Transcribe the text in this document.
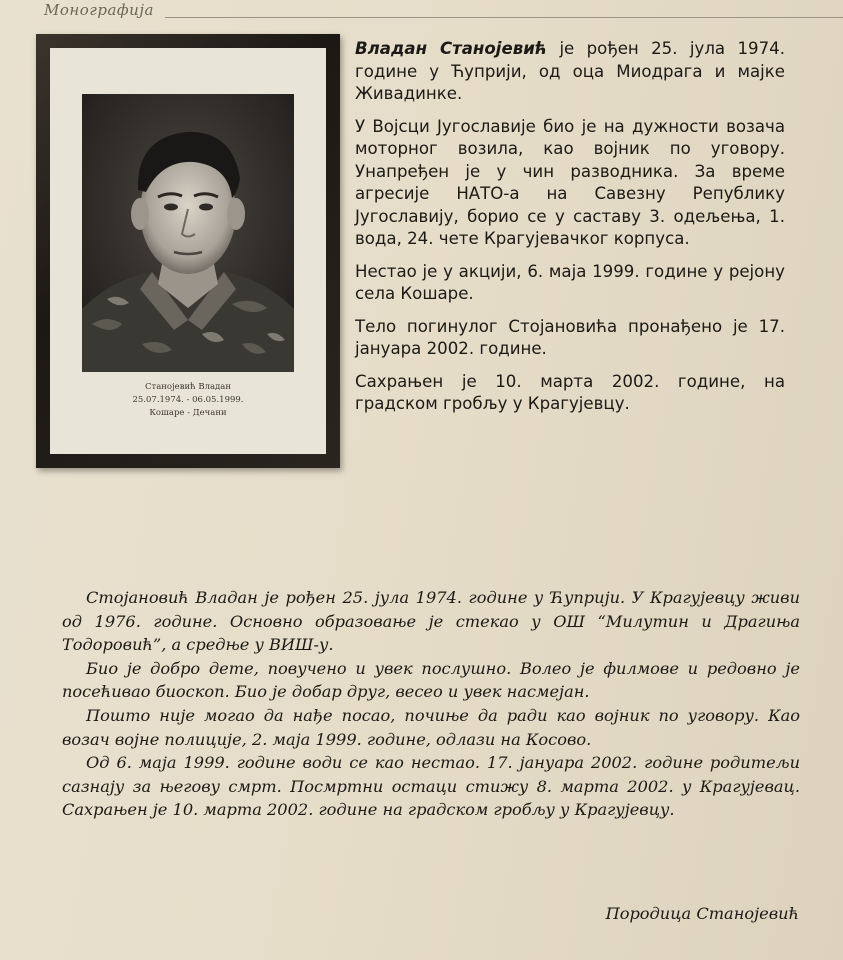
Монографија
Станојевић Владан
25.07.1974. - 06.05.1999.
Кошаре - Дечани

Владан Станојевић је рођен 25. јула 1974. године у Ћуприји, од оца Миодрага и мајке Живадинке.

У Војсци Југославије био је на дужности возача моторног возила, као војник по уговору. Унапређен је у чин разводника. За време агресије НАТО-а на Савезну Републику Југославију, борио се у саставу 3. одељења, 1. вода, 24. чете Крагујевачког корпуса.

Нестао је у акцији, 6. маја 1999. године у рејону села Кошаре.

Тело погинулог Стојановића пронађено је 17. јануара 2002. године.

Сахрањен је 10. марта 2002. године, на градском гробљу у Крагујевцу.

Стојановић Владан је рођен 25. јула 1974. године у Ћуприји. У Крагујевцу живи од 1976. године. Основно образовање је стекао у ОШ “Милутин и Драгиња Тодоровић”, а средње у ВИШ-у.

Био је добро дете, повучено и увек послушно. Волео је филмове и редовно је посећивао биоскоп. Био је добар друг, весео и увек насмејан.

Пошто није могао да нађе посао, почиње да ради као војник по уговору. Као возач војне полиције, 2. маја 1999. године, одлази на Косово.

Од 6. маја 1999. године води се као нестао. 17. јануара 2002. године родитељи сазнају за његову смрт. Посмртни остаци стижу 8. марта 2002. у Крагујевац. Сахрањен је 10. марта 2002. године на градском гробљу у Крагујевцу.

Породица Станојевић
